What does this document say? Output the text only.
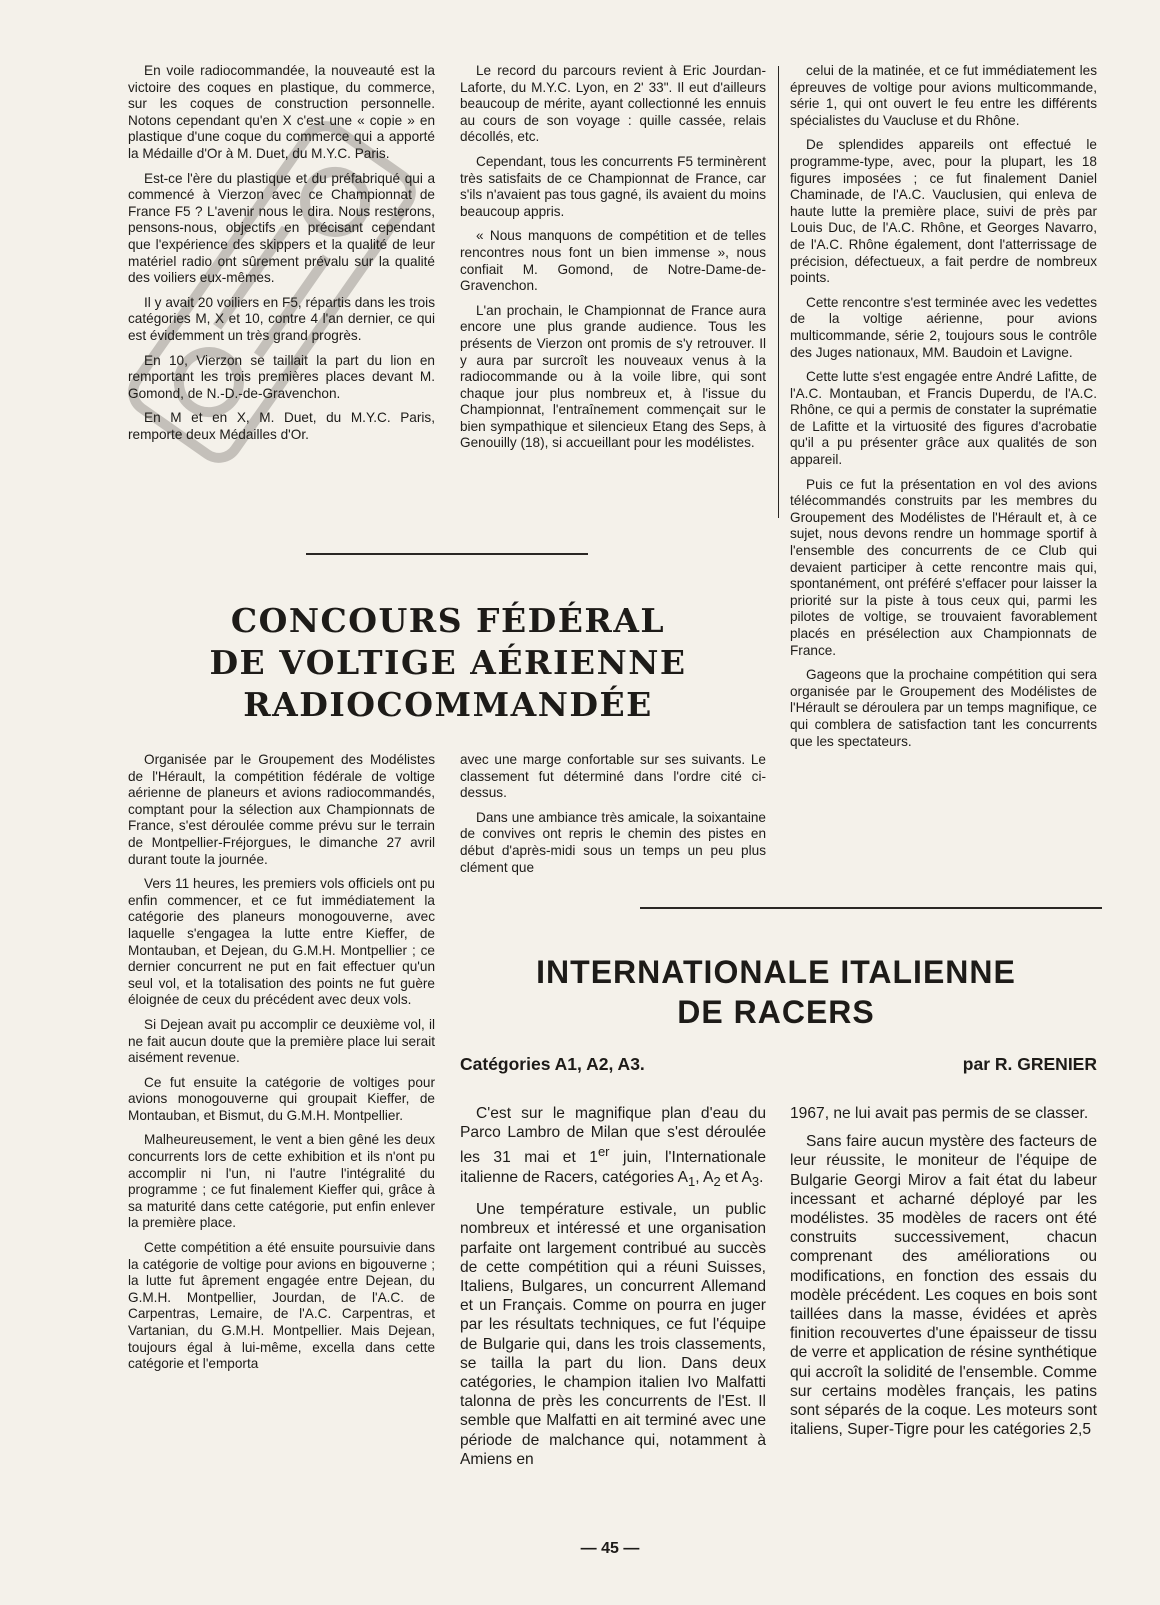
En voile radiocommandée, la nouveauté est la victoire des coques en plastique, du commerce, sur les coques de construction personnelle. Notons cependant qu'en X c'est une « copie » en plastique d'une coque du commerce qui a apporté la Médaille d'Or à M. Duet, du M.Y.C. Paris.

Est-ce l'ère du plastique et du préfabriqué qui a commencé à Vierzon avec ce Championnat de France F5 ? L'avenir nous le dira. Nous resterons, pensons-nous, objectifs en précisant cependant que l'expérience des skippers et la qualité de leur matériel radio ont sûrement prévalu sur la qualité des voiliers eux-mêmes.

Il y avait 20 voiliers en F5, répartis dans les trois catégories M, X et 10, contre 4 l'an dernier, ce qui est évidemment un très grand progrès.

En 10, Vierzon se taillait la part du lion en remportant les trois premières places devant M. Gomond, de N.-D.-de-Gravenchon.

En M et en X, M. Duet, du M.Y.C. Paris, remporte deux Médailles d'Or.

Le record du parcours revient à Eric Jourdan-Laforte, du M.Y.C. Lyon, en 2' 33". Il eut d'ailleurs beaucoup de mérite, ayant collectionné les ennuis au cours de son voyage : quille cassée, relais décollés, etc.

Cependant, tous les concurrents F5 terminèrent très satisfaits de ce Championnat de France, car s'ils n'avaient pas tous gagné, ils avaient du moins beaucoup appris.

« Nous manquons de compétition et de telles rencontres nous font un bien immense », nous confiait M. Gomond, de Notre-Dame-de-Gravenchon.

L'an prochain, le Championnat de France aura encore une plus grande audience. Tous les présents de Vierzon ont promis de s'y retrouver. Il y aura par surcroît les nouveaux venus à la radiocommande ou à la voile libre, qui sont chaque jour plus nombreux et, à l'issue du Championnat, l'entraînement commençait sur le bien sympathique et silencieux Etang des Seps, à Genouilly (18), si accueillant pour les modélistes.

celui de la matinée, et ce fut immédiatement les épreuves de voltige pour avions multicommande, série 1, qui ont ouvert le feu entre les différents spécialistes du Vaucluse et du Rhône.

De splendides appareils ont effectué le programme-type, avec, pour la plupart, les 18 figures imposées ; ce fut finalement Daniel Chaminade, de l'A.C. Vauclusien, qui enleva de haute lutte la première place, suivi de près par Louis Duc, de l'A.C. Rhône, et Georges Navarro, de l'A.C. Rhône également, dont l'atterrissage de précision, défectueux, a fait perdre de nombreux points.

Cette rencontre s'est terminée avec les vedettes de la voltige aérienne, pour avions multicommande, série 2, toujours sous le contrôle des Juges nationaux, MM. Baudoin et Lavigne.

Cette lutte s'est engagée entre André Lafitte, de l'A.C. Montauban, et Francis Duperdu, de l'A.C. Rhône, ce qui a permis de constater la suprématie de Lafitte et la virtuosité des figures d'acrobatie qu'il a pu présenter grâce aux qualités de son appareil.

Puis ce fut la présentation en vol des avions télécommandés construits par les membres du Groupement des Modélistes de l'Hérault et, à ce sujet, nous devons rendre un hommage sportif à l'ensemble des concurrents de ce Club qui devaient participer à cette rencontre mais qui, spontanément, ont préféré s'effacer pour laisser la priorité sur la piste à tous ceux qui, parmi les pilotes de voltige, se trouvaient favorablement placés en présélection aux Championnats de France.

Gageons que la prochaine compétition qui sera organisée par le Groupement des Modélistes de l'Hérault se déroulera par un temps magnifique, ce qui comblera de satisfaction tant les concurrents que les spectateurs.

CONCOURS FÉDÉRAL
DE VOLTIGE AÉRIENNE
RADIOCOMMANDÉE

Organisée par le Groupement des Modélistes de l'Hérault, la compétition fédérale de voltige aérienne de planeurs et avions radiocommandés, comptant pour la sélection aux Championnats de France, s'est déroulée comme prévu sur le terrain de Montpellier-Fréjorgues, le dimanche 27 avril durant toute la journée.

Vers 11 heures, les premiers vols officiels ont pu enfin commencer, et ce fut immédiatement la catégorie des planeurs monogouverne, avec laquelle s'engagea la lutte entre Kieffer, de Montauban, et Dejean, du G.M.H. Montpellier ; ce dernier concurrent ne put en fait effectuer qu'un seul vol, et la totalisation des points ne fut guère éloignée de ceux du précédent avec deux vols.

Si Dejean avait pu accomplir ce deuxième vol, il ne fait aucun doute que la première place lui serait aisément revenue.

Ce fut ensuite la catégorie de voltiges pour avions monogouverne qui groupait Kieffer, de Montauban, et Bismut, du G.M.H. Montpellier.

Malheureusement, le vent a bien gêné les deux concurrents lors de cette exhibition et ils n'ont pu accomplir ni l'un, ni l'autre l'intégralité du programme ; ce fut finalement Kieffer qui, grâce à sa maturité dans cette catégorie, put enfin enlever la première place.

Cette compétition a été ensuite poursuivie dans la catégorie de voltige pour avions en bigouverne ; la lutte fut âprement engagée entre Dejean, du G.M.H. Montpellier, Jourdan, de l'A.C. de Carpentras, Lemaire, de l'A.C. Carpentras, et Vartanian, du G.M.H. Montpellier. Mais Dejean, toujours égal à lui-même, excella dans cette catégorie et l'emporta

avec une marge confortable sur ses suivants. Le classement fut déterminé dans l'ordre cité ci-dessus.

Dans une ambiance très amicale, la soixantaine de convives ont repris le chemin des pistes en début d'après-midi sous un temps un peu plus clément que

INTERNATIONALE ITALIENNE
DE RACERS
Catégories A1, A2, A3.	par R. GRENIER

C'est sur le magnifique plan d'eau du Parco Lambro de Milan que s'est déroulée les 31 mai et 1er juin, l'Internationale italienne de Racers, catégories $A_1$, $A_2$ et $A_3$.

Une température estivale, un public nombreux et intéressé et une organisation parfaite ont largement contribué au succès de cette compétition qui a réuni Suisses, Italiens, Bulgares, un concurrent Allemand et un Français. Comme on pourra en juger par les résultats techniques, ce fut l'équipe de Bulgarie qui, dans les trois classements, se tailla la part du lion. Dans deux catégories, le champion italien Ivo Malfatti talonna de près les concurrents de l'Est. Il semble que Malfatti en ait terminé avec une période de malchance qui, notamment à Amiens en

1967, ne lui avait pas permis de se classer.

Sans faire aucun mystère des facteurs de leur réussite, le moniteur de l'équipe de Bulgarie Georgi Mirov a fait état du labeur incessant et acharné déployé par les modélistes. 35 modèles de racers ont été construits successivement, chacun comprenant des améliorations ou modifications, en fonction des essais du modèle précédent. Les coques en bois sont taillées dans la masse, évidées et après finition recouvertes d'une épaisseur de tissu de verre et application de résine synthétique qui accroît la solidité de l'ensemble. Comme sur certains modèles français, les patins sont séparés de la coque. Les moteurs sont italiens, Super-Tigre pour les catégories 2,5

— 45 —
